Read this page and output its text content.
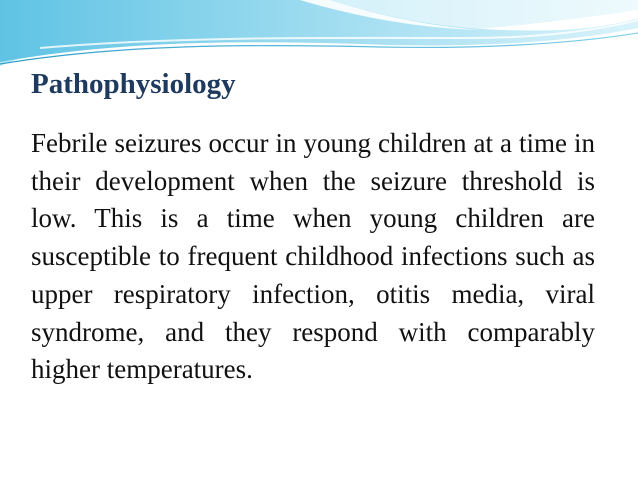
Pathophysiology

Febrile seizures occur in young children at a time in their development when the seizure threshold is low. This is a time when young children are susceptible to frequent childhood infections such as upper respiratory infection, otitis media, viral syndrome, and they respond with comparably higher temperatures.
